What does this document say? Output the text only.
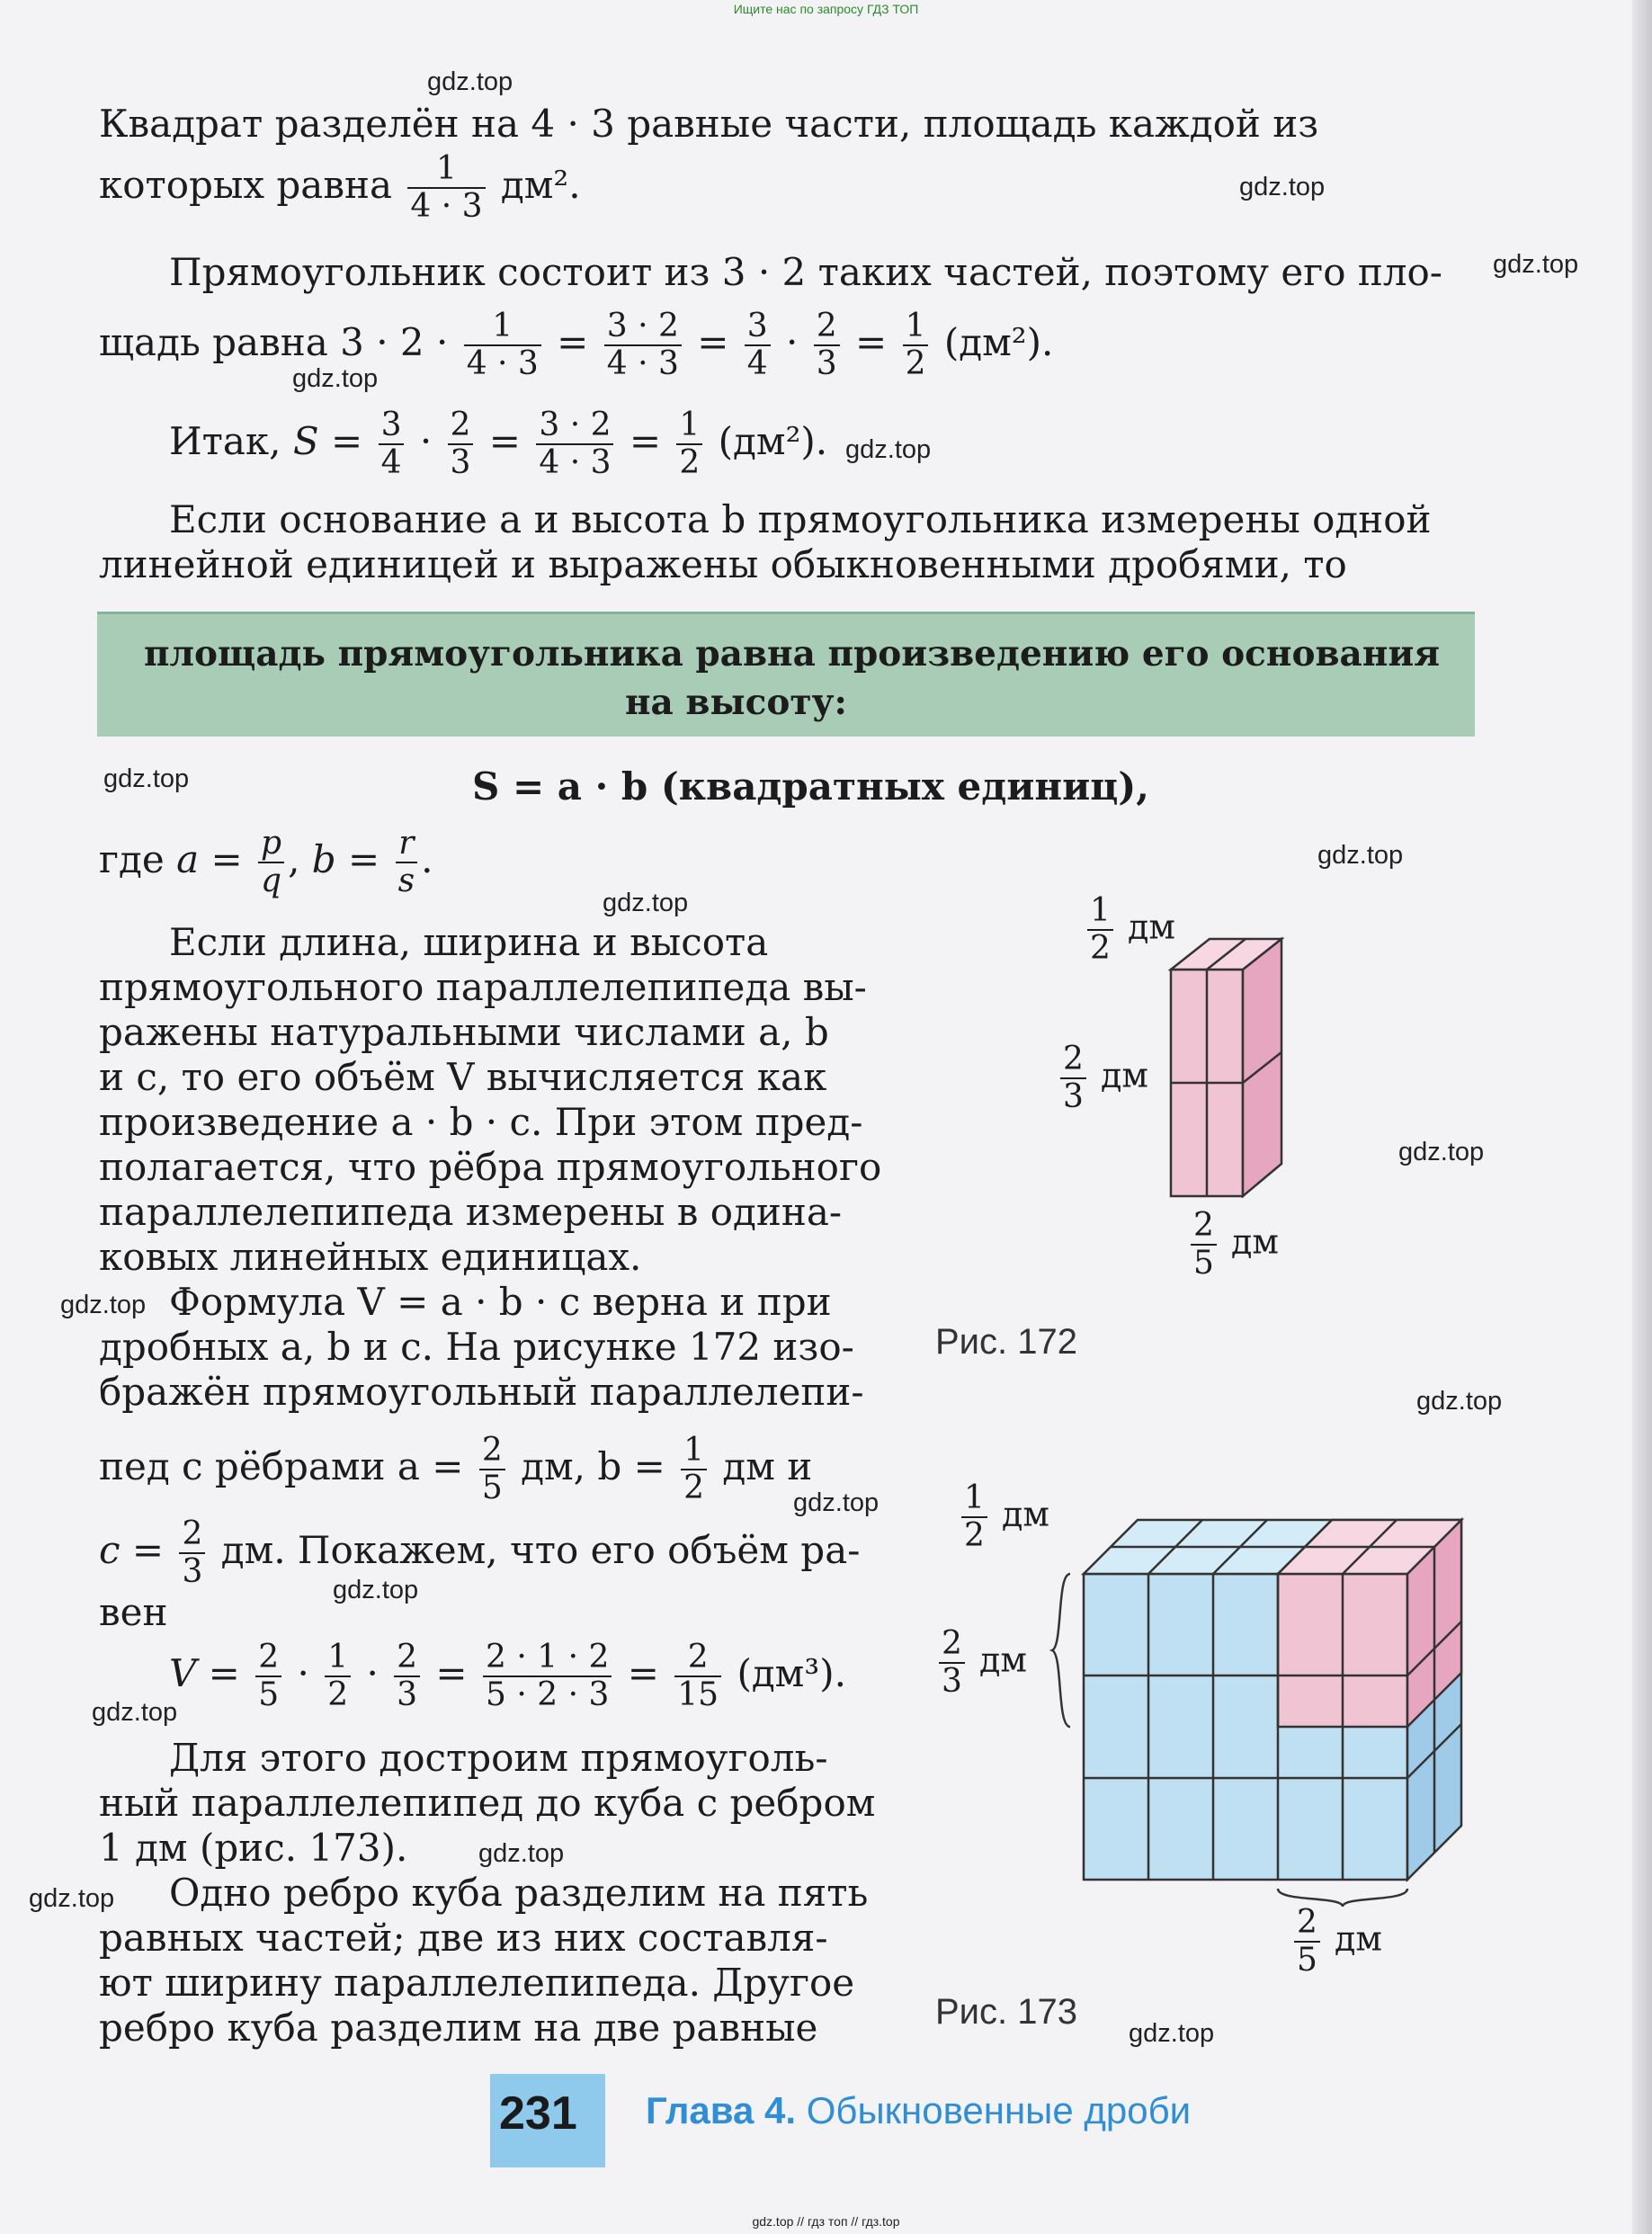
Ищите нас по запросу ГДЗ ТОП
gdz.top
gdz.top
gdz.top
gdz.top
gdz.top
gdz.top
gdz.top
gdz.top
gdz.top
gdz.top
gdz.top
gdz.top
gdz.top
gdz.top
gdz.top
gdz.top
gdz.top
Квадрат разделён на 4 · 3 равные части, площадь каждой из
которых равна $\frac{1}{4 \cdot 3} дм^2$.
Прямоугольник состоит из 3 · 2 таких частей, поэтому его пло-
щадь равна $3 \cdot 2 \cdot \frac{1}{4 \cdot 3} = \frac{3 \cdot 2}{4 \cdot 3} = \frac{3}{4} \cdot \frac{2}{3} = \frac{1}{2} (дм^2)$.
Итак, $S = \frac{3}{4} \cdot \frac{2}{3} = \frac{3 \cdot 2}{4 \cdot 3} = \frac{1}{2} (дм^2)$.
Если основание a и высота b прямоугольника измерены одной
линейной единицей и выражены обыкновенными дробями, то
площадь прямоугольника равна произведению его основания
на высоту:
S = a · b (квадратных единиц),
где $a = \frac{p}{q}$ , $b = \frac{r}{s}$ .
Если длина, ширина и высота
прямоугольного параллелепипеда вы-
ражены натуральными числами a, b
и c, то его объём V вычисляется как
произведение a · b · c. При этом пред-
полагается, что рёбра прямоугольного
параллелепипеда измерены в одина-
ковых линейных единицах.
Формула V = a · b · c верна и при
дробных a, b и c. На рисунке 172 изо-
бражён прямоугольный параллелепи-
пед с рёбрами $a = \frac{2}{5}$ дм, $b = \frac{1}{2}$ дм и
$c = \frac{2}{3}$ дм. Покажем, что его объём ра-
вен
$V = \frac{2}{5} \cdot \frac{1}{2} \cdot \frac{2}{3} = \frac{2 \cdot 1 \cdot 2}{5 \cdot 2 \cdot 3} = \frac{2}{15} (дм^3)$.
Для этого достроим прямоуголь-
ный параллелепипед до куба с ребром
1 дм (рис. 173).
Одно ребро куба разделим на пять
равных частей; две из них составля-
ют ширину параллелепипеда. Другое
ребро куба разделим на две равные
$\frac{1}{2}$ дм
$\frac{2}{3}$ дм
$\frac{2}{5}$ дм
Рис. 172
$\frac{1}{2}$ дм
$\frac{2}{3}$ дм
$\frac{2}{5}$ дм
Рис. 173
231 Глава 4. Обыкновенные дроби
gdz.top // гдз топ // гдз.top
